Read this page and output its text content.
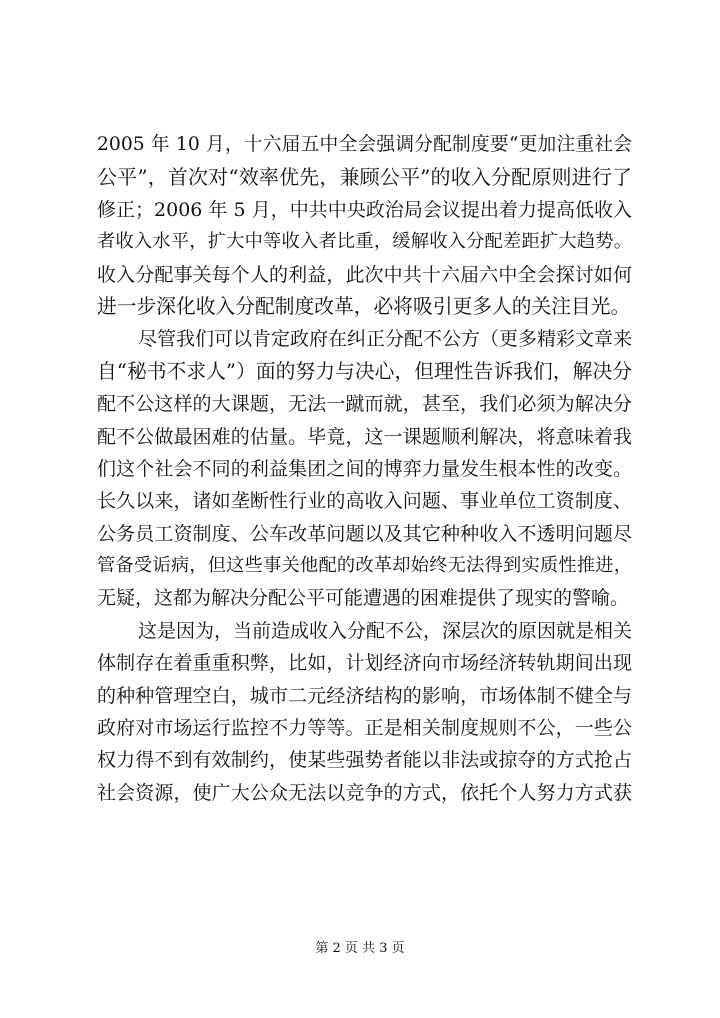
2005 年 10 月，十六届五中全会强调分配制度要“更加注重社会
公平”，首次对“效率优先，兼顾公平”的收入分配原则进行了
修正；2006 年 5 月，中共中央政治局会议提出着力提高低收入
者收入水平，扩大中等收入者比重，缓解收入分配差距扩大趋势。
收入分配事关每个人的利益，此次中共十六届六中全会探讨如何
进一步深化收入分配制度改革，必将吸引更多人的关注目光。
尽管我们可以肯定政府在纠正分配不公方（更多精彩文章来
自“秘书不求人”）面的努力与决心，但理性告诉我们，解决分
配不公这样的大课题，无法一蹴而就，甚至，我们必须为解决分
配不公做最困难的估量。毕竟，这一课题顺利解决，将意味着我
们这个社会不同的利益集团之间的博弈力量发生根本性的改变。
长久以来，诸如垄断性行业的高收入问题、事业单位工资制度、
公务员工资制度、公车改革问题以及其它种种收入不透明问题尽
管备受诟病，但这些事关他配的改革却始终无法得到实质性推进，
无疑，这都为解决分配公平可能遭遇的困难提供了现实的警喻。
这是因为，当前造成收入分配不公，深层次的原因就是相关
体制存在着重重积弊，比如，计划经济向市场经济转轨期间出现
的种种管理空白，城市二元经济结构的影响，市场体制不健全与
政府对市场运行监控不力等等。正是相关制度规则不公，一些公
权力得不到有效制约，使某些强势者能以非法或掠夺的方式抢占
社会资源，使广大公众无法以竞争的方式，依托个人努力方式获
第 2 页 共 3 页
